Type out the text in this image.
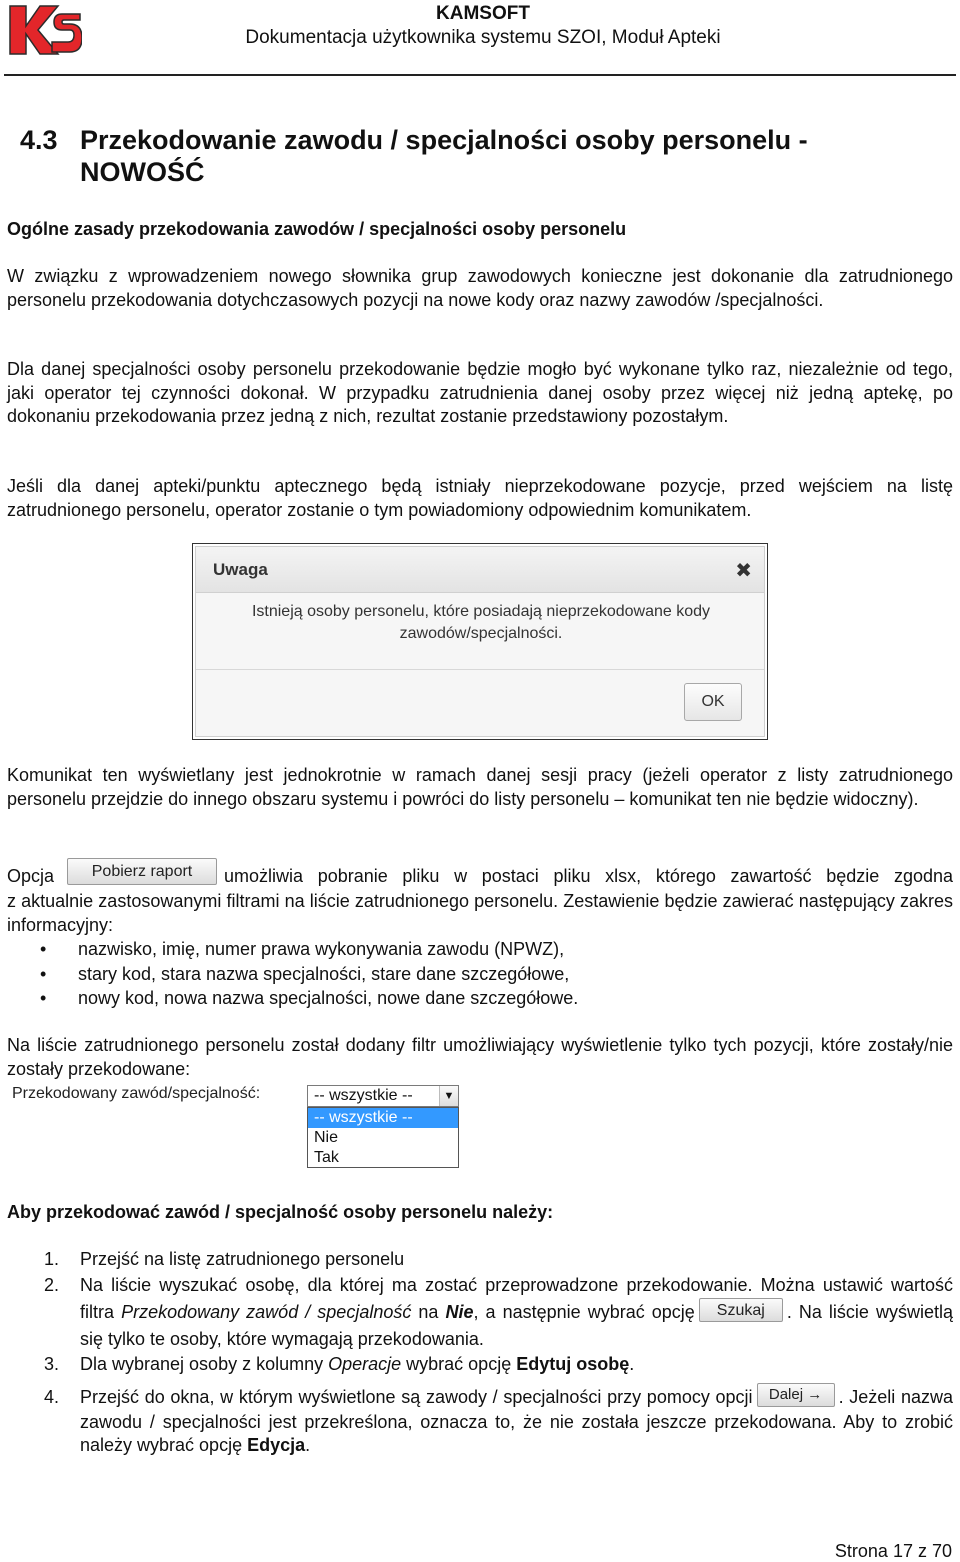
KAMSOFT
Dokumentacja użytkownika systemu SZOI, Moduł Apteki
4.3 Przekodowanie zawodu / specjalności osoby personelu -
NOWOŚĆ
Ogólne zasady przekodowania zawodów / specjalności osoby personelu

W związku z wprowadzeniem nowego słownika grup zawodowych konieczne jest dokonanie dla zatrudnionego personelu przekodowania dotychczasowych pozycji na nowe kody oraz nazwy zawodów /specjalności.

Dla danej specjalności osoby personelu przekodowanie będzie mogło być wykonane tylko raz, niezależnie od tego, jaki operator tej czynności dokonał. W przypadku zatrudnienia danej osoby przez więcej niż jedną aptekę, po dokonaniu przekodowania przez jedną z nich, rezultat zostanie przedstawiony pozostałym.

Jeśli dla danej apteki/punktu aptecznego będą istniały nieprzekodowane pozycje, przed wejściem na listę zatrudnionego personelu, operator zostanie o tym powiadomiony odpowiednim komunikatem.

Uwaga	✖
Istnieją osoby personelu, które posiadają nieprzekodowane kody
zawodów/specjalności.
OK

Komunikat ten wyświetlany jest jednokrotnie w ramach danej sesji pracy (jeżeli operator z listy zatrudnionego personelu przejdzie do innego obszaru systemu i powróci do listy personelu – komunikat ten nie będzie widoczny).

Opcja	Pobierz raport	umożliwia pobranie pliku w postaci pliku xlsx, którego zawartość będzie zgodna

z aktualnie zastosowanymi filtrami na liście zatrudnionego personelu. Zestawienie będzie zawierać następujący zakres informacyjny:

• nazwisko, imię, numer prawa wykonywania zawodu (NPWZ),
• stary kod, stara nazwa specjalności, stare dane szczegółowe,
• nowy kod, nowa nazwa specjalności, nowe dane szczegółowe.

Na liście zatrudnionego personelu został dodany filtr umożliwiający wyświetlenie tylko tych pozycji, które zostały/nie zostały przekodowane:

Przekodowany zawód/specjalność:	-- wszystkie --	▼
-- wszystkie --
Nie
Tak
Aby przekodować zawód / specjalność osoby personelu należy:
1. Przejść na listę zatrudnionego personelu
2. Na liście wyszukać osobę, dla której ma zostać przeprowadzone przekodowanie. Można ustawić wartość filtra Przekodowany zawód / specjalność na Nie, a następnie wybrać opcję Szukaj . Na liście wyświetlą się tylko te osoby, które wymagają przekodowania.
3. Dla wybranej osoby z kolumny Operacje wybrać opcję Edytuj osobę.
4. Przejść do okna, w którym wyświetlone są zawody / specjalności przy pomocy opcji Dalej → . Jeżeli nazwa zawodu / specjalności jest przekreślona, oznacza to, że nie została jeszcze przekodowana. Aby to zrobić należy wybrać opcję Edycja.
Strona 17 z 70
